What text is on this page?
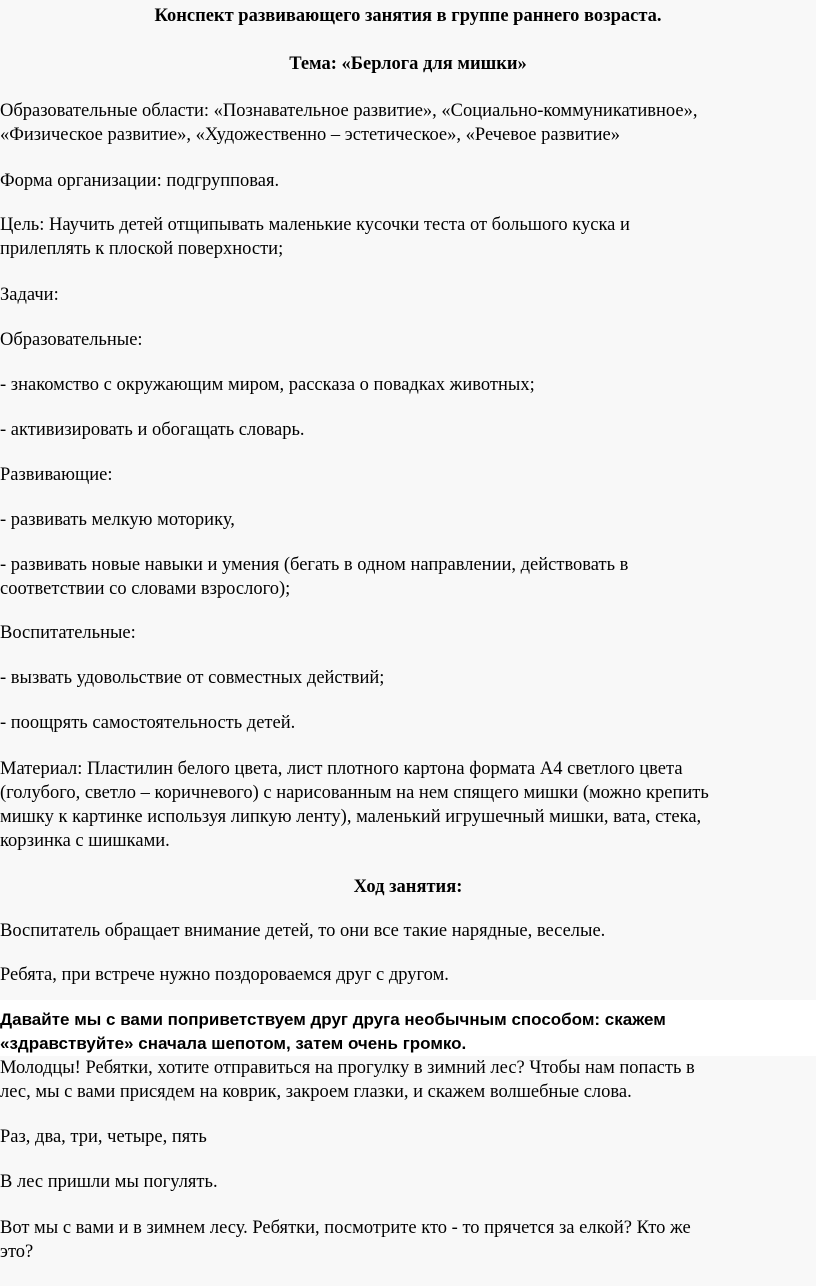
Конспект развивающего занятия в группе раннего возраста.

Тема: «Берлога для мишки»

Образовательные области: «Познавательное развитие», «Социально-коммуникативное»,

«Физическое развитие», «Художественно – эстетическое», «Речевое развитие»

Форма организации: подгрупповая.

Цель: Научить детей отщипывать маленькие кусочки теста от большого куска и

прилеплять к плоской поверхности;

Задачи:

Образовательные:

- знакомство с окружающим миром, рассказа о повадках животных;

- активизировать и обогащать словарь.

Развивающие:

- развивать мелкую моторику,

- развивать новые навыки и умения (бегать в одном направлении, действовать в

соответствии со словами взрослого);

Воспитательные:

- вызвать удовольствие от совместных действий;

- поощрять самостоятельность детей.

Материал: Пластилин белого цвета, лист плотного картона формата А4 светлого цвета

(голубого, светло – коричневого) с нарисованным на нем спящего мишки (можно крепить

мишку к картинке используя липкую ленту), маленький игрушечный мишки, вата, стека,

корзинка с шишками.

Ход занятия:

Воспитатель обращает внимание детей, то они все такие нарядные, веселые.

Ребята, при встрече нужно поздороваемся друг с другом.

Давайте мы с вами поприветствуем друг друга необычным способом: скажем

«здравствуйте» сначала шепотом, затем очень громко.

Молодцы! Ребятки, хотите отправиться на прогулку в зимний лес? Чтобы нам попасть в

лес, мы с вами присядем на коврик, закроем глазки, и скажем волшебные слова.

Раз, два, три, четыре, пять

В лес пришли мы погулять.

Вот мы с вами и в зимнем лесу. Ребятки, посмотрите кто - то прячется за елкой? Кто же

это?
